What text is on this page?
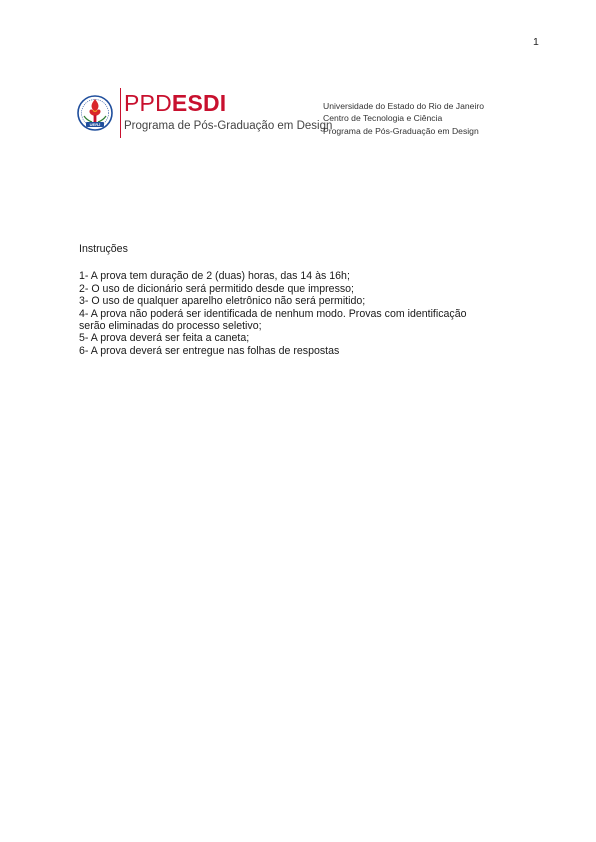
1
UERJ
PPDESDI
Programa de Pós-Graduação em Design
Universidade do Estado do Rio de Janeiro
Centro de Tecnologia e Ciência
Programa de Pós-Graduação em Design
Instruções
1- A prova tem duração de 2 (duas) horas, das 14 às 16h;
2- O uso de dicionário será permitido desde que impresso;
3- O uso de qualquer aparelho eletrônico não será permitido;
4- A prova não poderá ser identificada de nenhum modo. Provas com identificação
serão eliminadas do processo seletivo;
5- A prova deverá ser feita a caneta;
6- A prova deverá ser entregue nas folhas de respostas
